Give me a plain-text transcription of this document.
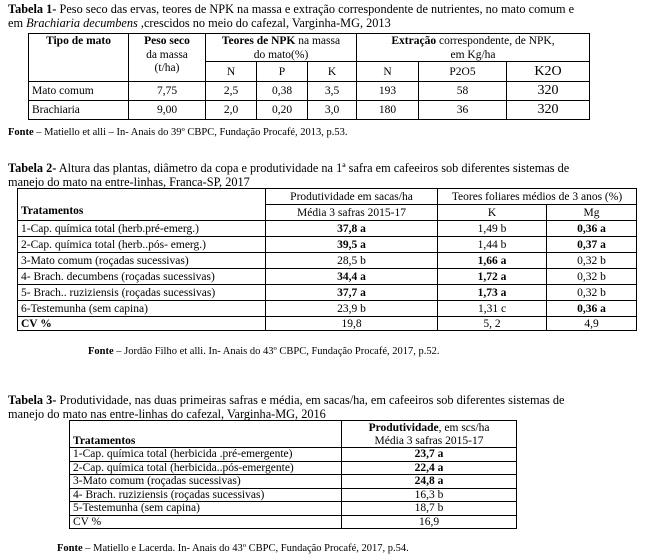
Tabela 1- Peso seco das ervas, teores de NPK na massa e extração correspondente de nutrientes, no mato comum e
em Brachiaria decumbens ,crescidos no meio do cafezal, Varginha-MG, 2013
Tipo de mato	Peso seco	Teores de NPK na massa			Extração correspondente, de NPK,		
	da massa	do mato(%)			em Kg/ha		
	(t/ha)	N	P	K	N	P2O5	K2O
Mato comum	7,75	2,5	0,38	3,5	193	58	320
Brachiaria	9,00	2,0	0,20	3,0	180	36	320
Fonte – Matiello et alli – In- Anais do 39º CBPC, Fundação Procafé, 2013, p.53.
Tabela 2- Altura das plantas, diâmetro da copa e produtividade na 1ª safra em cafeeiros sob diferentes sistemas de
manejo do mato na entre-linhas, Franca-SP, 2017
	Produtividade em sacas/ha	Teores foliares médios de 3 anos (%)	
Tratamentos	Média 3 safras 2015-17	K	Mg
1-Cap. química total (herb.pré-emerg.)	37,8 a	1,49 b	0,36 a
2-Cap. química total (herb..pós- emerg.)	39,5 a	1,44 b	0,37 a
3-Mato comum (roçadas sucessivas)	28,5 b	1,66 a	0,32 b
4- Brach. decumbens (roçadas sucessivas)	34,4 a	1,72 a	0,32 b
5- Brach.. ruziziensis (roçadas sucessivas)	37,7 a	1,73 a	0,32 b
6-Testemunha (sem capina)	23,9 b	1,31 c	0,36 a
CV %	19,8	5, 2	4,9
Fonte – Jordão Filho et alli. In- Anais do 43º CBPC, Fundação Procafé, 2017, p.52.
Tabela 3- Produtividade, nas duas primeiras safras e média, em sacas/ha, em cafeeiros sob diferentes sistemas de
manejo do mato nas entre-linhas do cafezal, Varginha-MG, 2016
	Produtividade, em scs/ha
Tratamentos	Média 3 safras 2015-17
1-Cap. química total (herbicida .pré-emergente)	23,7 a
2-Cap. química total (herbicida..pós-emergente)	22,4 a
3-Mato comum (roçadas sucessivas)	24,8 a
4- Brach. ruziziensis (roçadas sucessivas)	16,3 b
5-Testemunha (sem capina)	18,7 b
CV %	16,9
Fonte – Matiello e Lacerda. In- Anais do 43º CBPC, Fundação Procafé, 2017, p.54.
